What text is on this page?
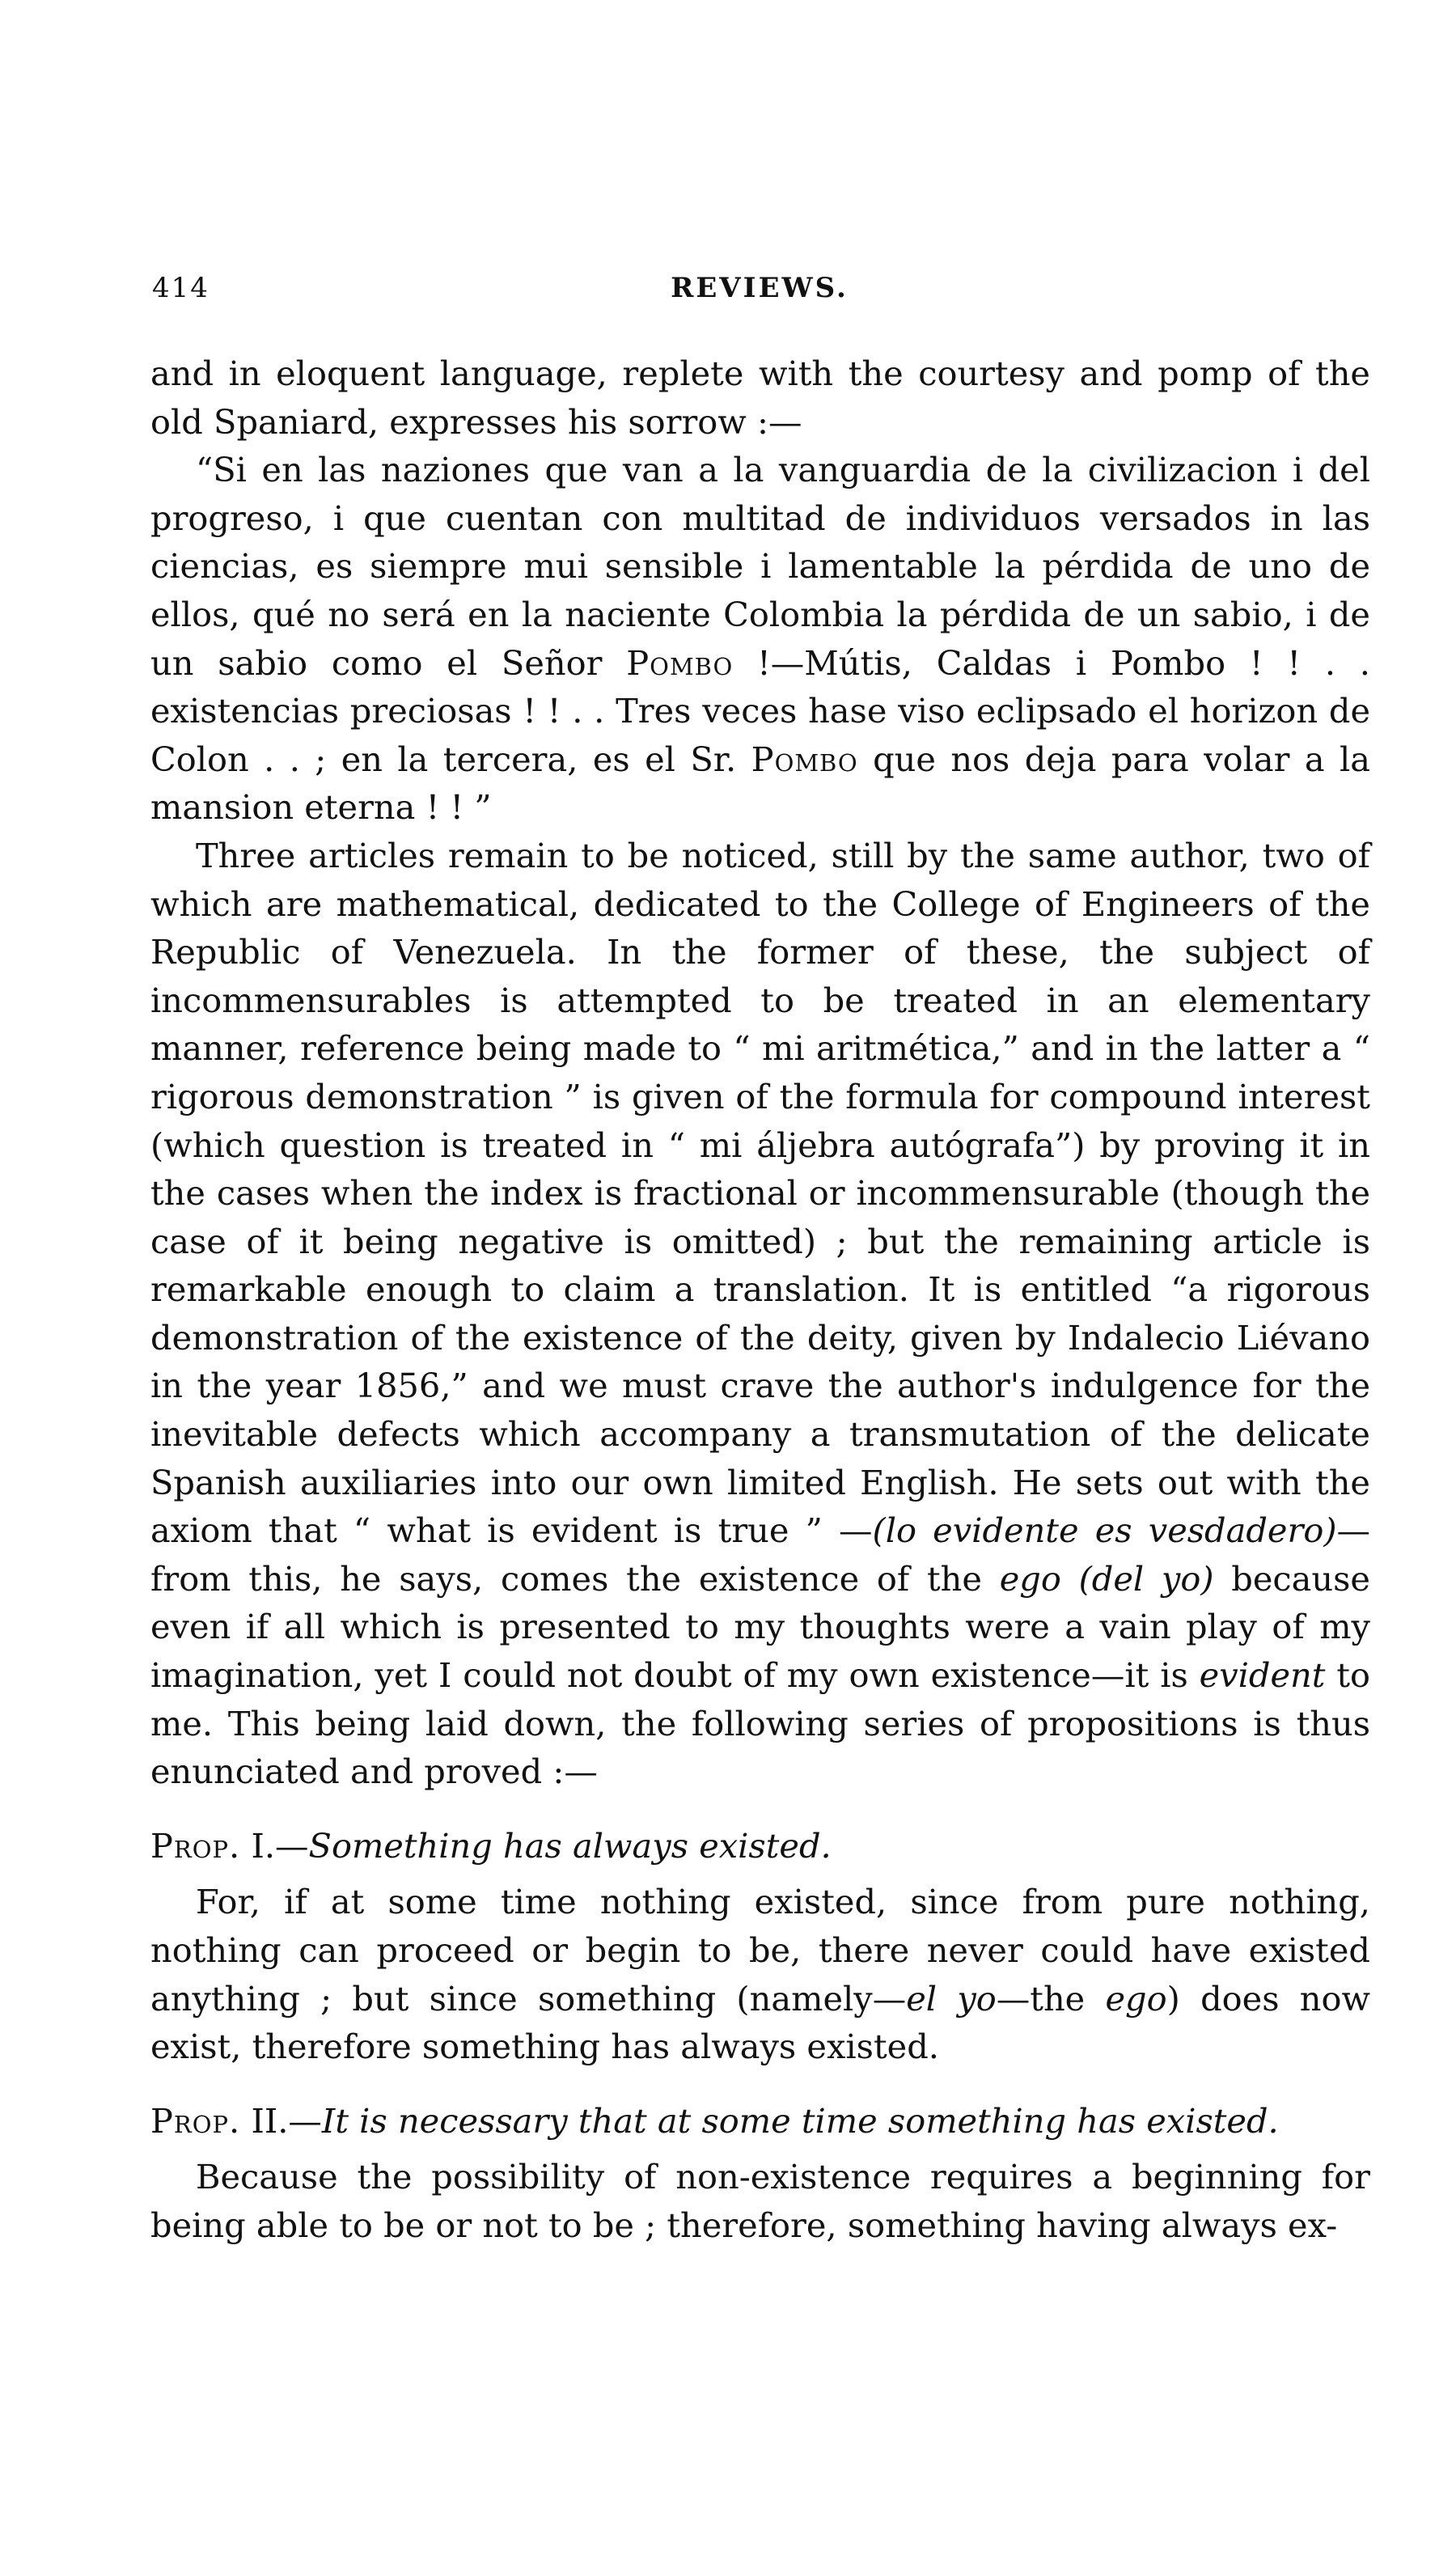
414	REVIEWS.

and in eloquent language, replete with the courtesy and pomp of the old Spaniard, expresses his sorrow :—

“Si en las naziones que van a la vanguardia de la civilizacion i del progreso, i que cuentan con multitad de individuos versados in las ciencias, es siempre mui sensible i lamentable la pérdida de uno de ellos, qué no será en la naciente Colombia la pérdida de un sabio, i de un sabio como el Señor Pombo !—Mútis, Caldas i Pombo ! ! . . existencias preciosas ! ! . . Tres veces hase viso eclipsado el horizon de Colon . . ; en la tercera, es el Sr. Pombo que nos deja para volar a la mansion eterna ! ! ”

Three articles remain to be noticed, still by the same author, two of which are mathematical, dedicated to the College of Engineers of the Republic of Venezuela. In the former of these, the subject of incommensurables is attempted to be treated in an elementary manner, reference being made to “ mi aritmética,” and in the latter a “ rigorous demonstration ” is given of the formula for compound interest (which question is treated in “ mi áljebra autógrafa”) by proving it in the cases when the index is fractional or incommensurable (though the case of it being negative is omitted) ; but the remaining article is remarkable enough to claim a translation. It is entitled “a rigorous demonstration of the existence of the deity, given by Indalecio Liévano in the year 1856,” and we must crave the author's indulgence for the inevitable defects which accompany a transmutation of the delicate Spanish auxiliaries into our own limited English. He sets out with the axiom that “ what is evident is true ” —(lo evidente es vesdadero)—from this, he says, comes the existence of the ego (del yo) because even if all which is presented to my thoughts were a vain play of my imagination, yet I could not doubt of my own existence—it is evident to me. This being laid down, the following series of propositions is thus enunciated and proved :—

Prop. I.—Something has always existed.

For, if at some time nothing existed, since from pure nothing, nothing can proceed or begin to be, there never could have existed anything ; but since something (namely—el yo—the ego) does now exist, therefore something has always existed.

Prop. II.—It is necessary that at some time something has existed.

Because the possibility of non-existence requires a beginning for being able to be or not to be ; therefore, something having always ex-
